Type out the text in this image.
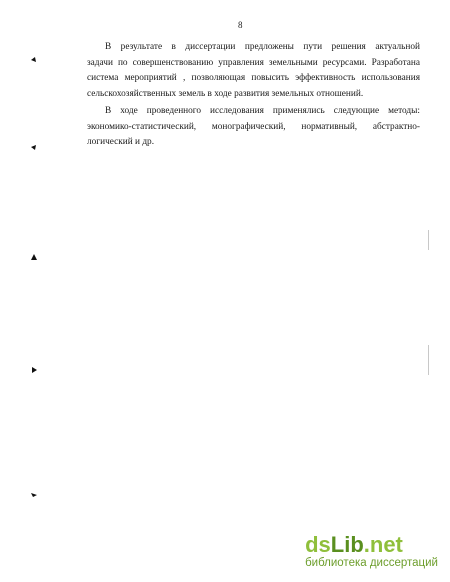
8
В результате в диссертации предложены пути решения актуальной
задачи по совершенствованию управления земельными ресурсами. Разработана
система мероприятий , позволяющая повысить эффективность использования
сельскохозяйственных земель в ходе развития земельных отношений.
В ходе проведенного исследования применялись следующие методы:
экономико-статистический, монографический, нормативный, абстрактно-
логический и др.
dsLib.net
библиотека диссертаций
